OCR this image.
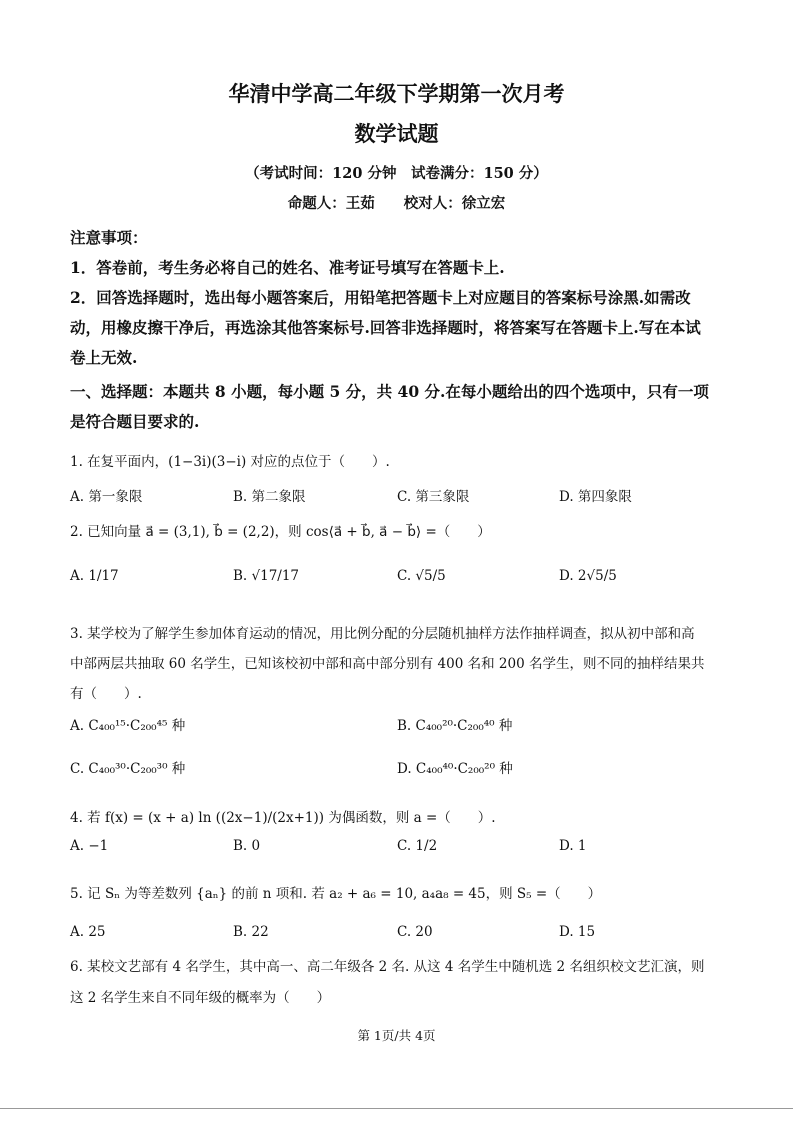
华清中学高二年级下学期第一次月考
数学试题
（考试时间：120 分钟　试卷满分：150 分）
命题人：王茹　　校对人：徐立宏
注意事项：
1．答卷前，考生务必将自己的姓名、准考证号填写在答题卡上.
2．回答选择题时，选出每小题答案后，用铅笔把答题卡上对应题目的答案标号涂黑.如需改
动，用橡皮擦干净后，再选涂其他答案标号.回答非选择题时，将答案写在答题卡上.写在本试
卷上无效.
一、选择题：本题共 8 小题，每小题 5 分，共 40 分.在每小题给出的四个选项中，只有一项
是符合题目要求的.
1. 在复平面内，(1−3i)(3−i) 对应的点位于（　　）.
A. 第一象限	B. 第二象限	C. 第三象限	D. 第四象限
2. 已知向量 a⃗ = (3,1), b⃗ = (2,2)，则 cos⟨a⃗ + b⃗, a⃗ − b⃗⟩ =（　　）
A. 1/17	B. √17/17	C. √5/5	D. 2√5/5
3. 某学校为了解学生参加体育运动的情况，用比例分配的分层随机抽样方法作抽样调查，拟从初中部和高
中部两层共抽取 60 名学生，已知该校初中部和高中部分别有 400 名和 200 名学生，则不同的抽样结果共
有（　　）.
A. C₄₀₀¹⁵·C₂₀₀⁴⁵ 种	B. C₄₀₀²⁰·C₂₀₀⁴⁰ 种
C. C₄₀₀³⁰·C₂₀₀³⁰ 种	D. C₄₀₀⁴⁰·C₂₀₀²⁰ 种
4. 若 f(x) = (x + a) ln ((2x−1)/(2x+1)) 为偶函数，则 a =（　　）.
A. −1	B. 0	C. 1/2	D. 1
5. 记 Sₙ 为等差数列 {aₙ} 的前 n 项和. 若 a₂ + a₆ = 10, a₄a₈ = 45，则 S₅ =（　　）
A. 25	B. 22	C. 20	D. 15
6. 某校文艺部有 4 名学生，其中高一、高二年级各 2 名. 从这 4 名学生中随机选 2 名组织校文艺汇演，则
这 2 名学生来自不同年级的概率为（　　）
第 1页/共 4页
